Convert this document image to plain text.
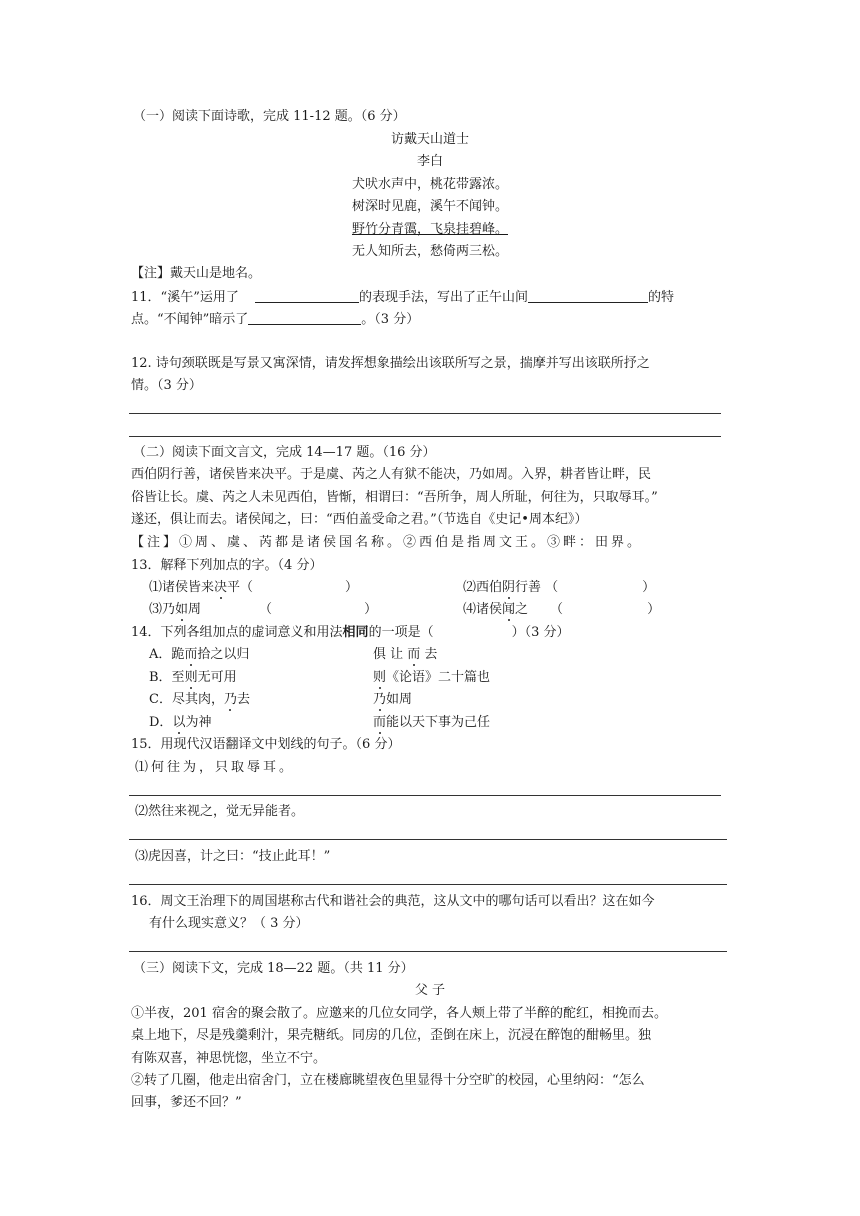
（一）阅读下面诗歌，完成 11-12 题。（6 分）
访戴天山道士
李白
犬吠水声中，桃花带露浓。
树深时见鹿，溪午不闻钟。
野竹分青霭，飞泉挂碧峰。
无人知所去，愁倚两三松。
【注】戴天山是地名。
11．“溪午”运用了	的表现手法，写出了正午山间	的特
点。“不闻钟”暗示了	。（3 分）
12. 诗句颈联既是写景又寓深情，请发挥想象描绘出该联所写之景，揣摩并写出该联所抒之
情。（3 分）
（二）阅读下面文言文，完成 14—17 题。（16 分）
西伯阴行善，诸侯皆来决平。于是虞、芮之人有狱不能决，乃如周。入界，耕者皆让畔，民
俗皆让长。虞、芮之人未见西伯，皆惭，相谓曰：“吾所争，周人所耻，何往为，只取辱耳。”
遂还，俱让而去。诸侯闻之，曰：“西伯盖受命之君。”（节选自《史记•周本纪》）
【注】①周、虞、芮都是诸侯国名称。②西伯是指周文王。③畔：田界。
13．解释下列加点的字。（4 分）
⑴诸侯皆来决平（	）	⑵西伯阴行善 （	）
⑶乃如周	（	）	⑷诸侯闻之 （	）
14．下列各组加点的虚词意义和用法相同的一项是（	）（3 分）
A．跪而拾之以归	俱 让 而 去
B．至则无可用	则《论语》二十篇也
C．尽其肉，乃去	乃如周
D．以为神	而能以天下事为己任
15．用现代汉语翻译文中划线的句子。（6 分）
⑴何往为，只取辱耳。
⑵然往来视之，觉无异能者。
⑶虎因喜，计之曰：“技止此耳！”
16．周文王治理下的周国堪称古代和谐社会的典范，这从文中的哪句话可以看出？这在如今
有什么现实意义？（ 3 分）
（三）阅读下文，完成 18—22 题。（共 11 分）
父 子
①半夜，201 宿舍的聚会散了。应邀来的几位女同学，各人颊上带了半醉的酡红，相挽而去。
桌上地下，尽是残羹剩汁，果壳糖纸。同房的几位，歪倒在床上，沉浸在醉饱的酣畅里。独
有陈双喜，神思恍惚，坐立不宁。
②转了几圈，他走出宿舍门，立在楼廊眺望夜色里显得十分空旷的校园，心里纳闷：“怎么
回事，爹还不回？”
